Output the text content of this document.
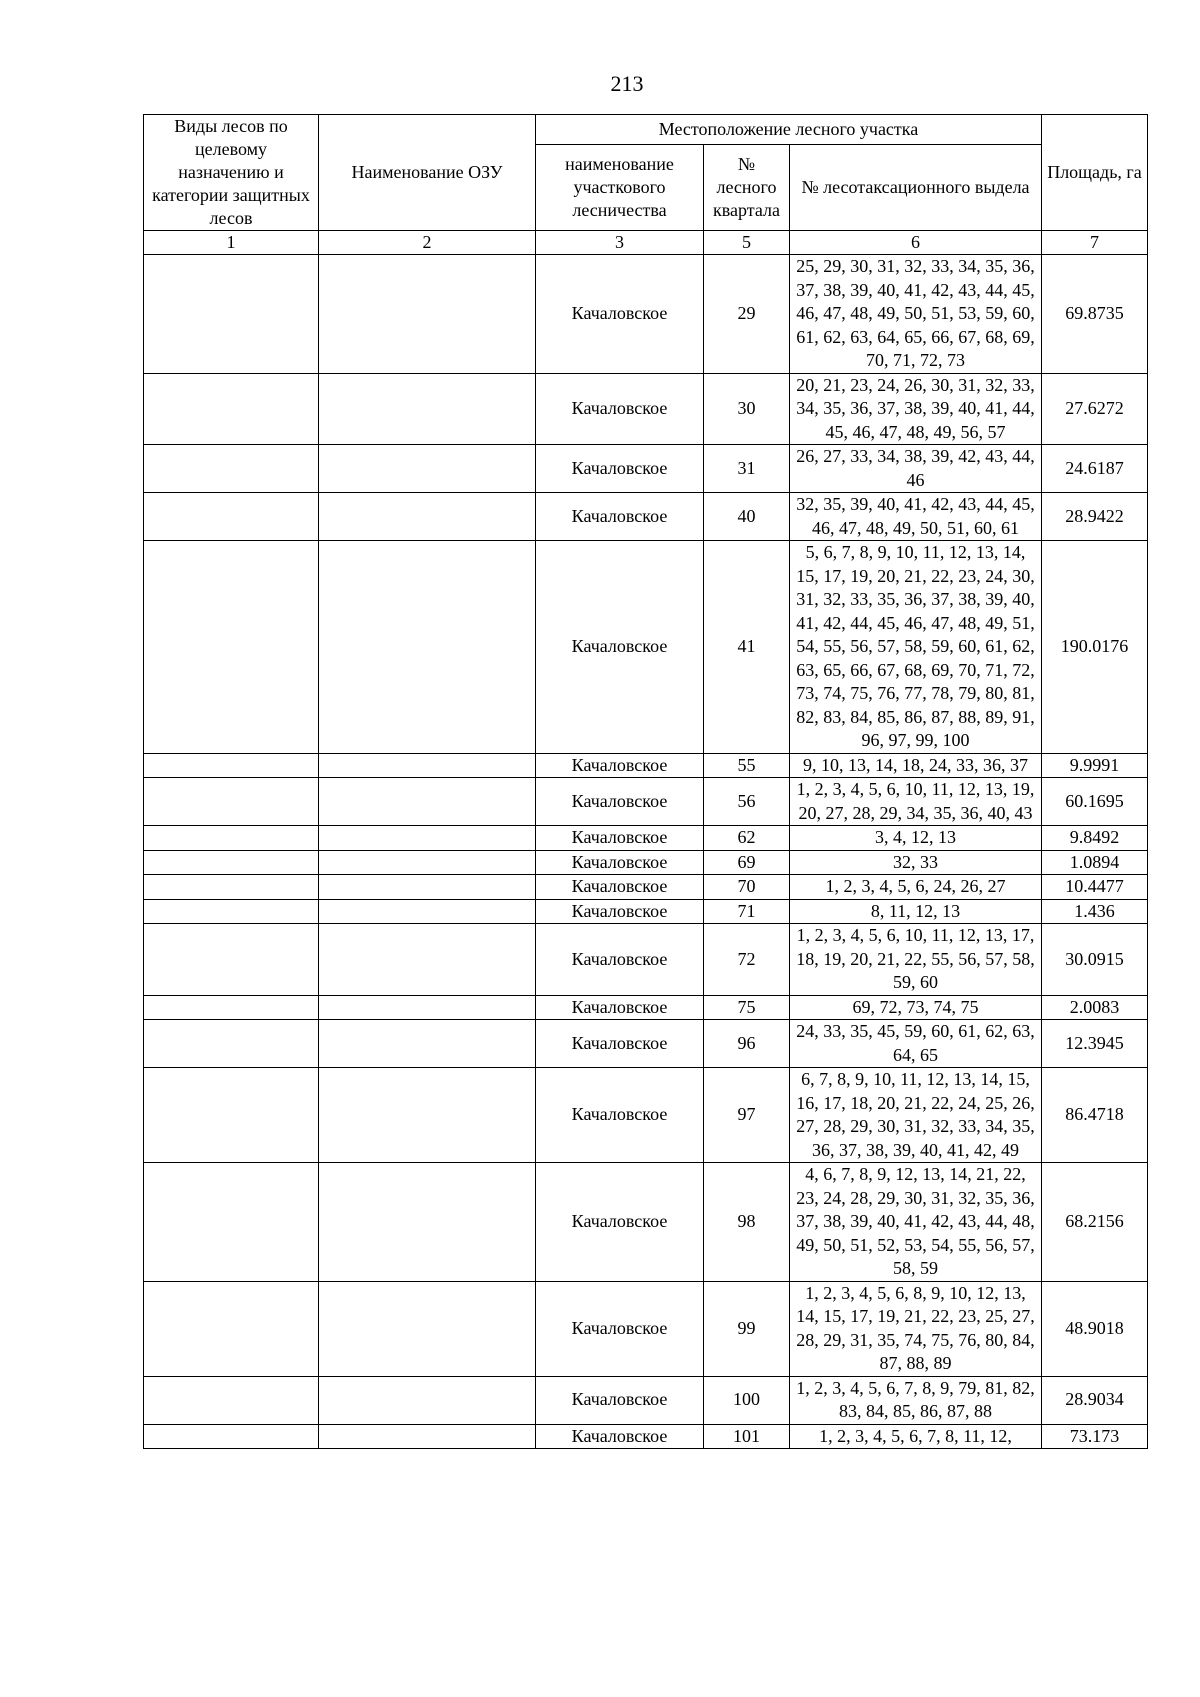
213
Виды лесов по целевому назначению и категории защитных лесов	Наименование ОЗУ	Местоположение лесного участка			Площадь, га
		наименование участкового лесничества	№ лесного квартала	№ лесотаксационного выдела	
1	2	3	5	6	7
		Качаловское	29	25, 29, 30, 31, 32, 33, 34, 35, 36, 37, 38, 39, 40, 41, 42, 43, 44, 45, 46, 47, 48, 49, 50, 51, 53, 59, 60, 61, 62, 63, 64, 65, 66, 67, 68, 69, 70, 71, 72, 73	69.8735
		Качаловское	30	20, 21, 23, 24, 26, 30, 31, 32, 33, 34, 35, 36, 37, 38, 39, 40, 41, 44, 45, 46, 47, 48, 49, 56, 57	27.6272
		Качаловское	31	26, 27, 33, 34, 38, 39, 42, 43, 44, 46	24.6187
		Качаловское	40	32, 35, 39, 40, 41, 42, 43, 44, 45, 46, 47, 48, 49, 50, 51, 60, 61	28.9422
		Качаловское	41	5, 6, 7, 8, 9, 10, 11, 12, 13, 14, 15, 17, 19, 20, 21, 22, 23, 24, 30, 31, 32, 33, 35, 36, 37, 38, 39, 40, 41, 42, 44, 45, 46, 47, 48, 49, 51, 54, 55, 56, 57, 58, 59, 60, 61, 62, 63, 65, 66, 67, 68, 69, 70, 71, 72, 73, 74, 75, 76, 77, 78, 79, 80, 81, 82, 83, 84, 85, 86, 87, 88, 89, 91, 96, 97, 99, 100	190.0176
		Качаловское	55	9, 10, 13, 14, 18, 24, 33, 36, 37	9.9991
		Качаловское	56	1, 2, 3, 4, 5, 6, 10, 11, 12, 13, 19, 20, 27, 28, 29, 34, 35, 36, 40, 43	60.1695
		Качаловское	62	3, 4, 12, 13	9.8492
		Качаловское	69	32, 33	1.0894
		Качаловское	70	1, 2, 3, 4, 5, 6, 24, 26, 27	10.4477
		Качаловское	71	8, 11, 12, 13	1.436
		Качаловское	72	1, 2, 3, 4, 5, 6, 10, 11, 12, 13, 17, 18, 19, 20, 21, 22, 55, 56, 57, 58, 59, 60	30.0915
		Качаловское	75	69, 72, 73, 74, 75	2.0083
		Качаловское	96	24, 33, 35, 45, 59, 60, 61, 62, 63, 64, 65	12.3945
		Качаловское	97	6, 7, 8, 9, 10, 11, 12, 13, 14, 15, 16, 17, 18, 20, 21, 22, 24, 25, 26, 27, 28, 29, 30, 31, 32, 33, 34, 35, 36, 37, 38, 39, 40, 41, 42, 49	86.4718
		Качаловское	98	4, 6, 7, 8, 9, 12, 13, 14, 21, 22, 23, 24, 28, 29, 30, 31, 32, 35, 36, 37, 38, 39, 40, 41, 42, 43, 44, 48, 49, 50, 51, 52, 53, 54, 55, 56, 57, 58, 59	68.2156
		Качаловское	99	1, 2, 3, 4, 5, 6, 8, 9, 10, 12, 13, 14, 15, 17, 19, 21, 22, 23, 25, 27, 28, 29, 31, 35, 74, 75, 76, 80, 84, 87, 88, 89	48.9018
		Качаловское	100	1, 2, 3, 4, 5, 6, 7, 8, 9, 79, 81, 82, 83, 84, 85, 86, 87, 88	28.9034
		Качаловское	101	1, 2, 3, 4, 5, 6, 7, 8, 11, 12,	73.173
